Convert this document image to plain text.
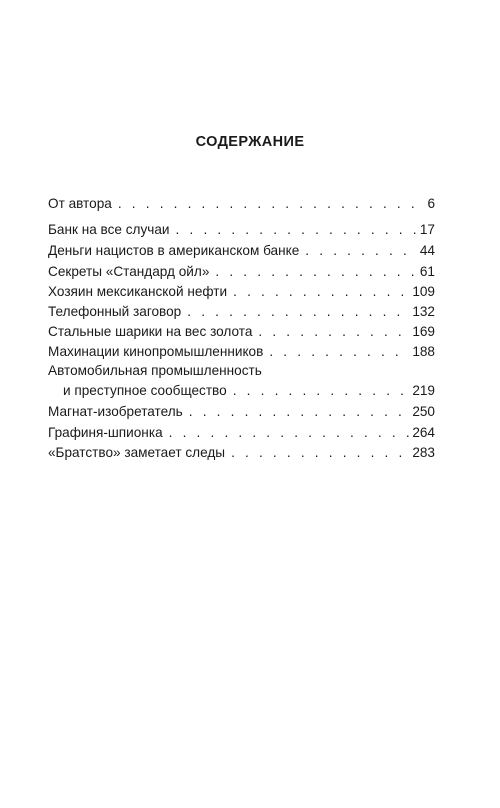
СОДЕРЖАНИЕ
От автора . . .	6
Банк на все случаи . . .	17
Деньги нацистов в американском банке . . .	44
Секреты «Стандард ойл» . . .	61
Хозяин мексиканской нефти . . .	109
Телефонный заговор . . .	132
Стальные шарики на вес золота . . .	169
Махинации кинопромышленников . . .	188
Автомобильная промышленность
и преступное сообщество . . .	219
Магнат-изобретатель . . .	250
Графиня-шпионка . . .	264
«Братство» заметает следы . . .	283
